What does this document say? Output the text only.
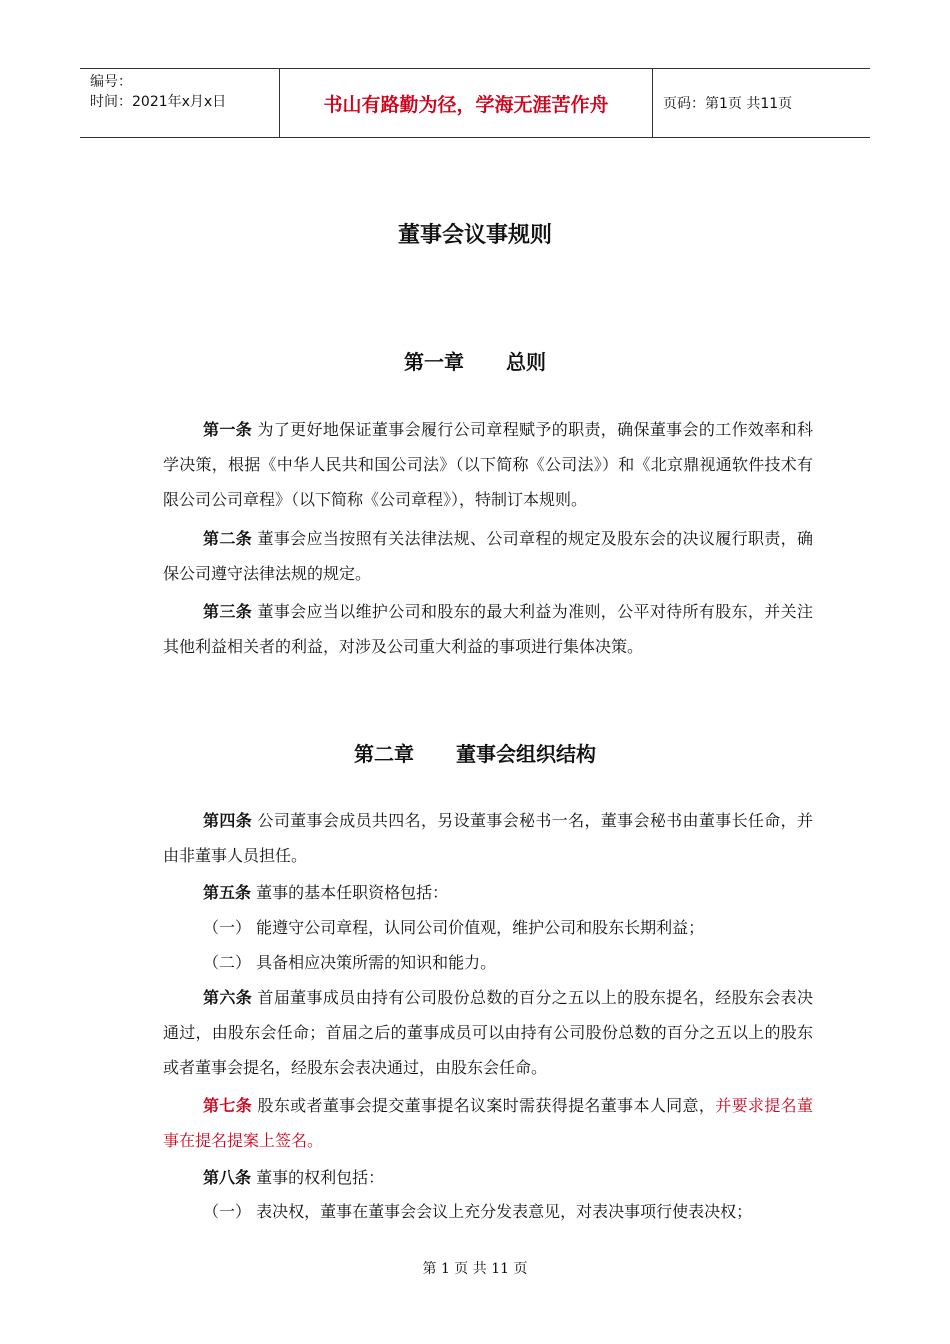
编号：
时间：2021年x月x日	书山有路勤为径，学海无涯苦作舟	页码：第1页 共11页
董事会议事规则
第一章 总则
第一条 为了更好地保证董事会履行公司章程赋予的职责，确保董事会的工作效率和科学决策，根据《中华人民共和国公司法》（以下简称《公司法》）和《北京鼎视通软件技术有限公司公司章程》（以下简称《公司章程》），特制订本规则。
第二条 董事会应当按照有关法律法规、公司章程的规定及股东会的决议履行职责，确保公司遵守法律法规的规定。
第三条 董事会应当以维护公司和股东的最大利益为准则，公平对待所有股东，并关注其他利益相关者的利益，对涉及公司重大利益的事项进行集体决策。
第二章 董事会组织结构
第四条 公司董事会成员共四名，另设董事会秘书一名，董事会秘书由董事长任命，并由非董事人员担任。
第五条 董事的基本任职资格包括：
（一） 能遵守公司章程，认同公司价值观，维护公司和股东长期利益；
（二） 具备相应决策所需的知识和能力。
第六条 首届董事成员由持有公司股份总数的百分之五以上的股东提名，经股东会表决通过，由股东会任命；首届之后的董事成员可以由持有公司股份总数的百分之五以上的股东或者董事会提名，经股东会表决通过，由股东会任命。
第七条 股东或者董事会提交董事提名议案时需获得提名董事本人同意，并要求提名董事在提名提案上签名。
第八条 董事的权利包括：
（一） 表决权，董事在董事会会议上充分发表意见，对表决事项行使表决权；
第 1 页 共 11 页
